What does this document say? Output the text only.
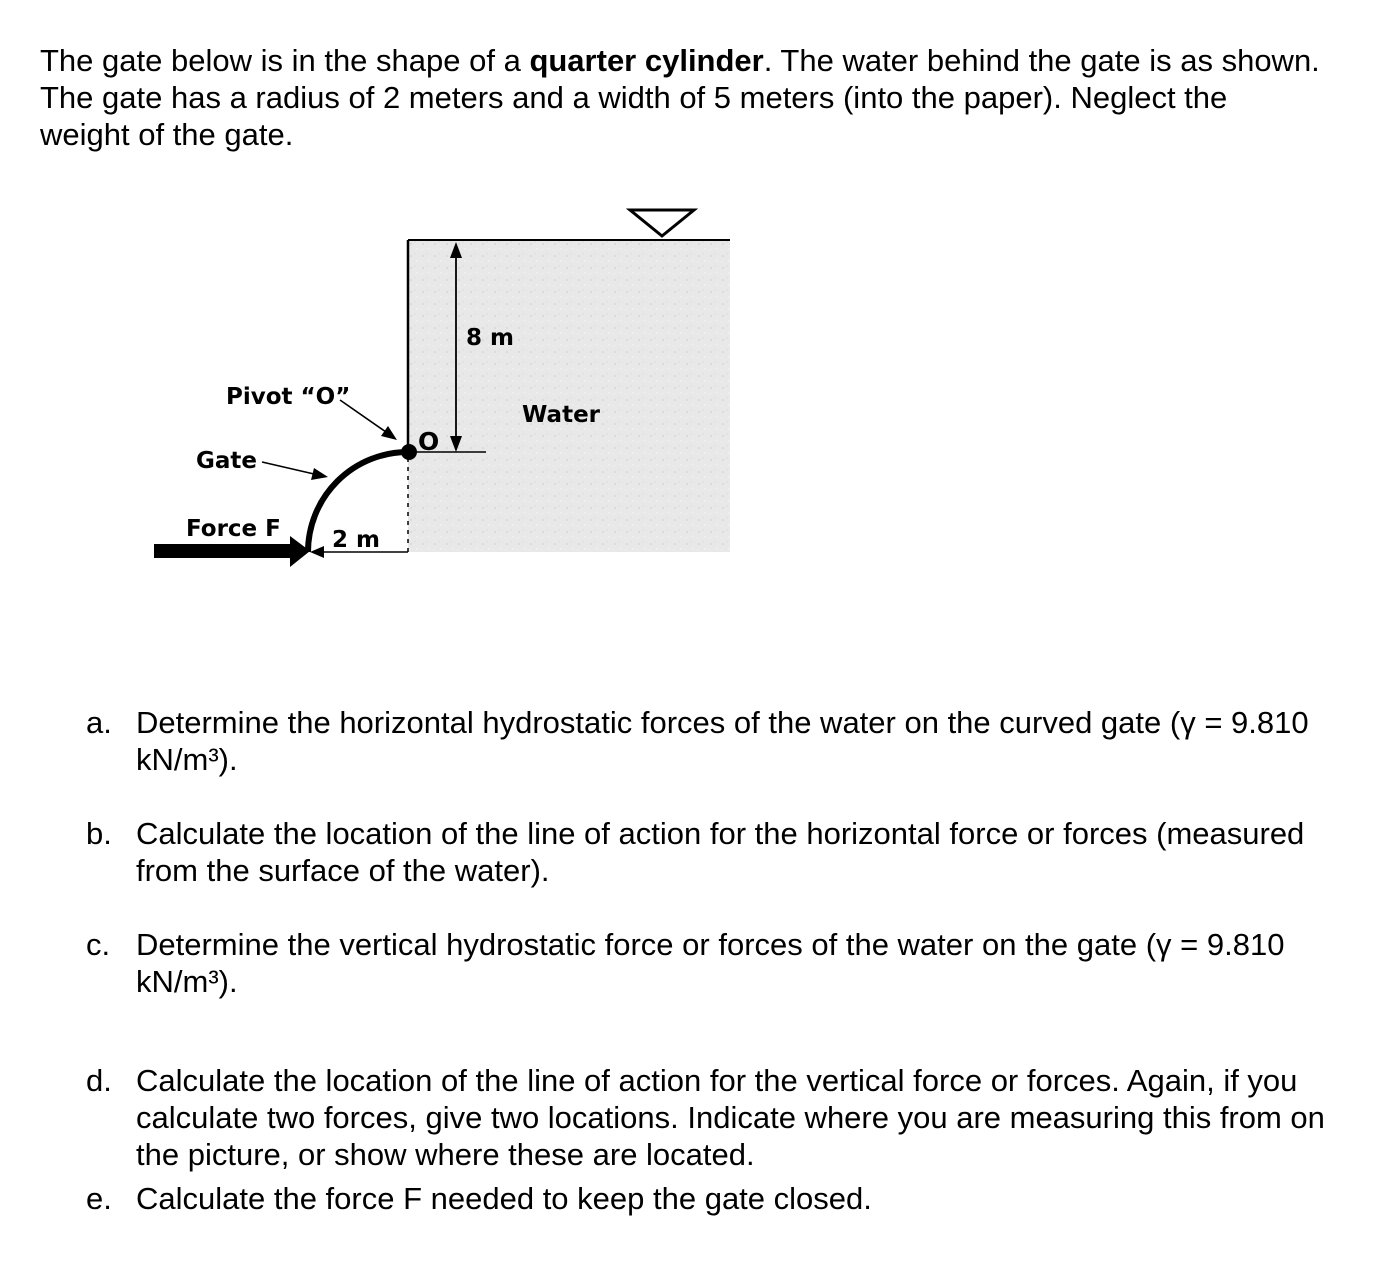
The gate below is in the shape of a quarter cylinder. The water behind the gate is as shown. The gate has a radius of 2 meters and a width of 5 meters (into the paper). Neglect the weight of the gate.

Pivot “O”
Gate
Force F 2 m
8 m
Water
O
a. Determine the horizontal hydrostatic forces of the water on the curved gate (γ = 9.810 kN/m³).
b. Calculate the location of the line of action for the horizontal force or forces (measured from the surface of the water).
c. Determine the vertical hydrostatic force or forces of the water on the gate (γ = 9.810 kN/m³).
d. Calculate the location of the line of action for the vertical force or forces. Again, if you calculate two forces, give two locations. Indicate where you are measuring this from on the picture, or show where these are located.
e. Calculate the force F needed to keep the gate closed.
